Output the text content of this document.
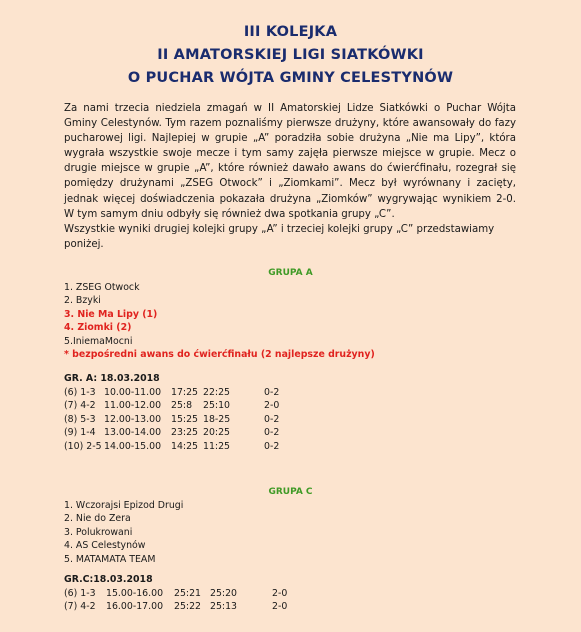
III KOLEJKA
II AMATORSKIEJ LIGI SIATKÓWKI
O PUCHAR WÓJTA GMINY CELESTYNÓW

Za nami trzecia niedziela zmagań w II Amatorskiej Lidze Siatkówki o Puchar Wójta Gminy Celestynów. Tym razem poznaliśmy pierwsze drużyny, które awansowały do fazy pucharowej ligi. Najlepiej w grupie „A” poradziła sobie drużyna „Nie ma Lipy”, która wygrała wszystkie swoje mecze i tym samy zajęła pierwsze miejsce w grupie. Mecz o drugie miejsce w grupie „A”, które również dawało awans do ćwierćfinału, rozegrał się pomiędzy drużynami „ZSEG Otwock” i „Ziomkami”. Mecz był wyrównany i zacięty, jednak więcej doświadczenia pokazała drużyna „Ziomków” wygrywając wynikiem 2-0. W tym samym dniu odbyły się również dwa spotkania grupy „C”.

Wszystkie wyniki drugiej kolejki grupy „A” i trzeciej kolejki grupy „C” przedstawiamy poniżej.

GRUPA A
1. ZSEG Otwock
2. Bzyki
3. Nie Ma Lipy (1)
4. Ziomki (2)
5.IniemaMocni
* bezpośredni awans do ćwierćfinału (2 najlepsze drużyny)
GR. A: 18.03.2018
(6) 1-3 10.00-11.00 17:25 22:25	0-2
(7) 4-2 11.00-12.00 25:8 25:10	2-0
(8) 5-3 12.00-13.00 15:25 18-25	0-2
(9) 1-4 13.00-14.00 23:25 20:25	0-2
(10) 2-5 14.00-15.00 14:25 11:25	0-2
GRUPA C
1. Wczorajsi Epizod Drugi
2. Nie do Zera
3. Polukrowani
4. AS Celestynów
5. MATAMATA TEAM
GR.C:18.03.2018
(6) 1-3 15.00-16.00 25:21 25:20	2-0
(7) 4-2 16.00-17.00 25:22 25:13	2-0
